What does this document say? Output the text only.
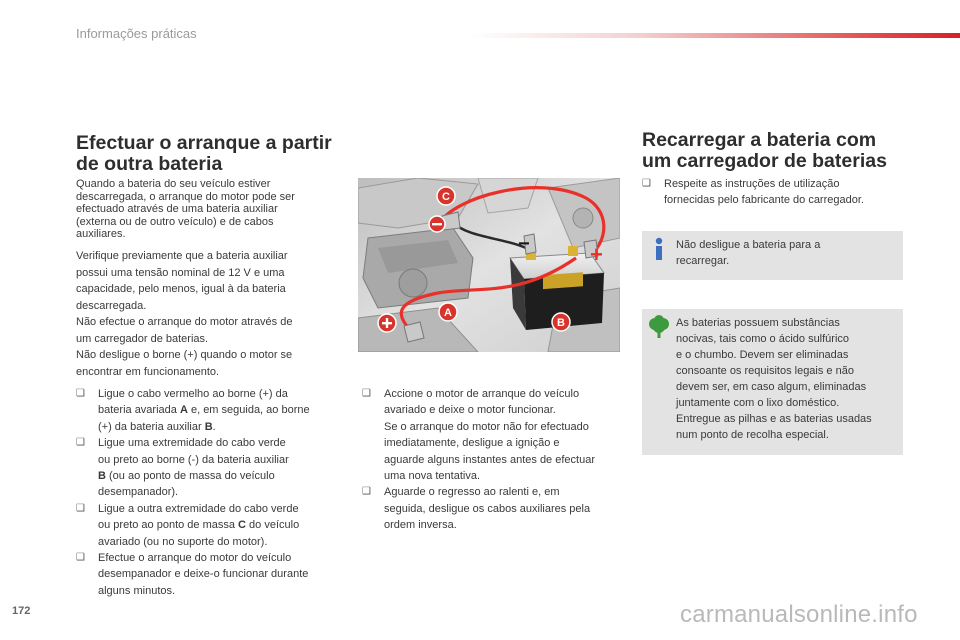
Informações práticas
Efectuar o arranque a partir
de outra bateria
Quando a bateria do seu veículo estiver
descarregada, o arranque do motor pode ser
efectuado através de uma bateria auxiliar
(externa ou de outro veículo) e de cabos
auxiliares.
Verifique previamente que a bateria auxiliar
possui uma tensão nominal de 12 V e uma
capacidade, pelo menos, igual à da bateria
descarregada.
Não efectue o arranque do motor através de
um carregador de baterias.
Não desligue o borne (+) quando o motor se
encontrar em funcionamento.
❑ Ligue o cabo vermelho ao borne (+) da
bateria avariada A e, em seguida, ao borne
(+) da bateria auxiliar B.
❑ Ligue uma extremidade do cabo verde
ou preto ao borne (-) da bateria auxiliar
B (ou ao ponto de massa do veículo
desempanador).
❑ Ligue a outra extremidade do cabo verde
ou preto ao ponto de massa C do veículo
avariado (ou no suporte do motor).
❑ Efectue o arranque do motor do veículo
desempanador e deixe-o funcionar durante
alguns minutos.
−	+
C
A
B
❑ Accione o motor de arranque do veículo
avariado e deixe o motor funcionar.
Se o arranque do motor não for efectuado
imediatamente, desligue a ignição e
aguarde alguns instantes antes de efectuar
uma nova tentativa.
❑ Aguarde o regresso ao ralenti e, em
seguida, desligue os cabos auxiliares pela
ordem inversa.
Recarregar a bateria com
um carregador de baterias
❑ Respeite as instruções de utilização
fornecidas pelo fabricante do carregador.
Não desligue a bateria para a
recarregar.
As baterias possuem substâncias
nocivas, tais como o ácido sulfúrico
e o chumbo. Devem ser eliminadas
consoante os requisitos legais e não
devem ser, em caso algum, eliminadas
juntamente com o lixo doméstico.
Entregue as pilhas e as baterias usadas
num ponto de recolha especial.
172	carmanualsonline.info
